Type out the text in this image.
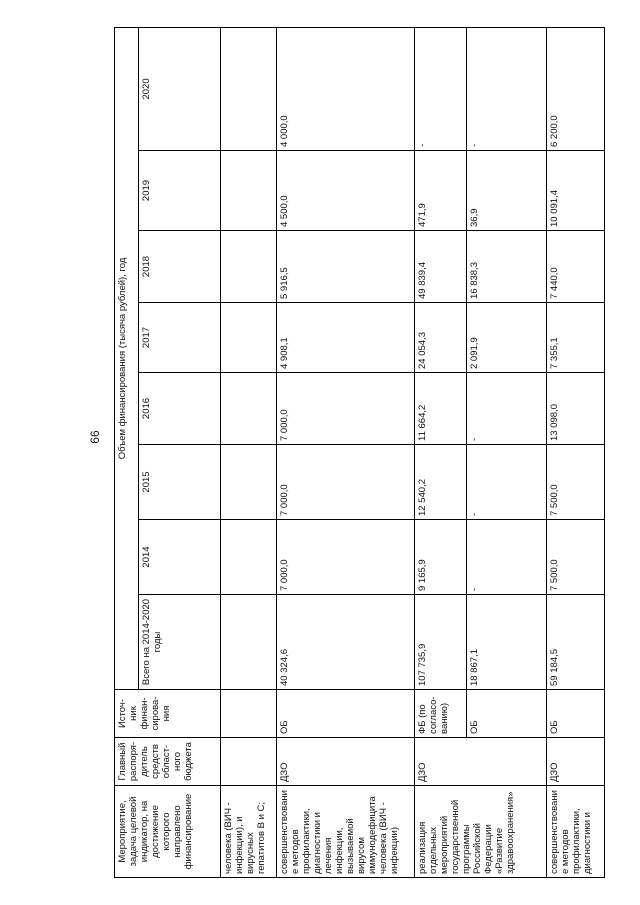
66
Мероприятие, задача целевой индикатор, на достижение которого направлено финансирование	Главный распоря-дитель средств област-ного бюджета	Источ-ник финан-сирова-ния	Объем финансирования (тысяча рублей), год							
			Всего на 2014-2020 годы	2014	2015	2016	2017	2018	2019	2020
человека (ВИЧ - инфекции), и вирусных гепатитов В и С;										
совершенствование методов профилактики, диагностики и лечения инфекции, вызываемой вирусом иммунодефицита человека (ВИЧ - инфекции)	ДЗО	ОБ	40 324,6	7 000,0	7 000,0	7 000,0	4 908,1	5 916,5	4 500,0	4 000,0
реализация отдельных мероприятий государственной программы Российской Федерации «Развитие здравоохранения»	ДЗО	ФБ (по согласо-ванию)	107 735,9	9 165,9	12 540,2	11 664,2	24 054,3	49 839,4	471,9	-
		ОБ	18 867,1	-	-	-	2 091,9	16 838,3	36,9	-
совершенствование методов профилактики, диагностики и	ДЗО	ОБ	59 184,5	7 500,0	7 500,0	13 098,0	7 355,1	7 440,0	10 091,4	6 200,0
